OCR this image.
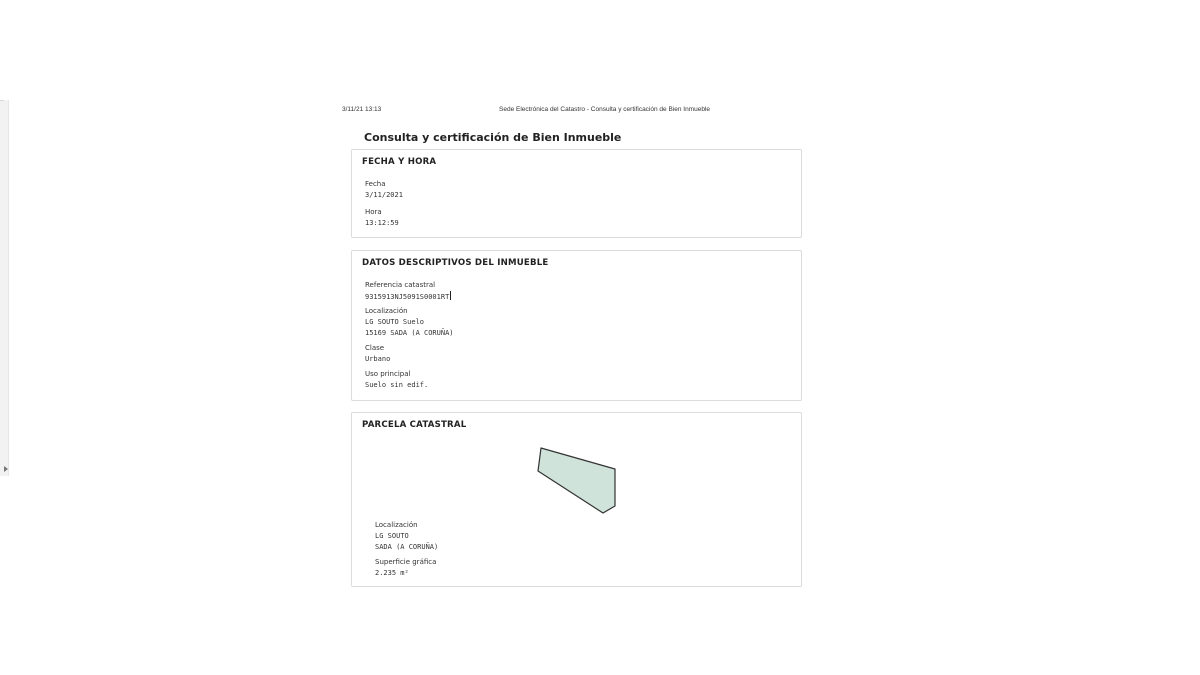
3/11/21 13:13	Sede Electrónica del Catastro - Consulta y certificación de Bien Inmueble
Consulta y certificación de Bien Inmueble
FECHA Y HORA
Fecha
3/11/2021
Hora
13:12:59
DATOS DESCRIPTIVOS DEL INMUEBLE
Referencia catastral
9315913NJ5091S0001RT
Localización
LG SOUTO Suelo
15169 SADA (A CORUÑA)
Clase
Urbano
Uso principal
Suelo sin edif.
PARCELA CATASTRAL
Localización
LG SOUTO
SADA (A CORUÑA)
Superficie gráfica
2.235 m²
